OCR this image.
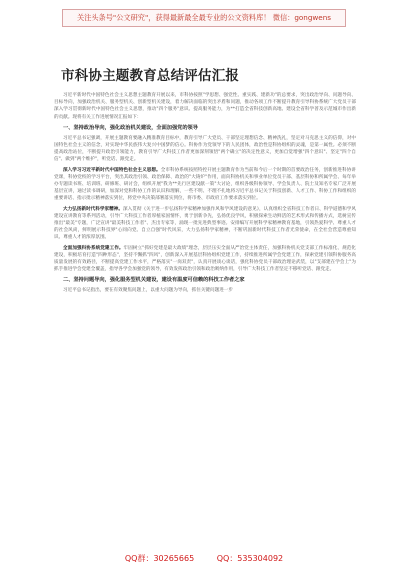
关注头条号"公文研究"，获得最新最全最专业的公文资料库！ 微信：gongwens
市科协主题教育总结评估汇报

习近平新时代中国特色社会主义思想主题教育开展以来，市科协按照"学思想、强党性、重实践、建新功"的总要求，突出政治导向、问题导向、目标导向，加强政治机关、服务型机关、创新型机关建设，着力解决面临的突出矛盾和问题，推动各项工作不断提升教育引导科协系统广大党员干部深入学习贯彻新时代中国特色社会主义思想，推动"四个服务"意识、提高服务能力，为**打造全省科技创新高地、建设全省科学普及示范城市作出新的贡献。现将有关工作进展情况汇报如下：

一、坚持政治导向，强化政治机关建设，全面加强党的领导

习近平总书记强调，开展主题教育要融入精准教育目标中，教育引导广大党员、干部坚定理想信念、精神洗礼，坚定对马克思主义的信仰，对中国特色社会主义的信念，对实现中华民族伟大复兴中国梦的信心。科协作为党领导下的人民团体，政治性是科协组织的灵魂，是第一属性。必须不断提高政治站位，不断提升政治引领能力，教育引导广大科技工作者更加深刻领悟"两个确立"的决定性意义，更加自觉增强"四个意识"、坚定"四个自信"、做到"两个维护"，听党话、跟党走。

深入学习习近平新时代中国特色社会主义思想。全市科协系统按照特控开展主题教育作为当前和今后一个时期的首要政治任务，创新推进科协讲党课，科协党校的学习平台，突出其政治引领、政治保障、政治的"大铸炉"作用，面向科协机关和事业单位党员干部、基层科协和所属学会、每年举办专题读书班、培训班、研修班、研讨会，组织开展"我为**先行区建设献一策"大讨论，组织各级科协领导、学会负责人、院士及知名专家广泛开展基层宣讲，通过读书调研，加深对党和科协工作的认识和理解，一些不明、不理不扎地将习近平总书记关于科技创新、人才工作、科协工作和组织的重要讲话、指示批示精神落实到位，将党中央决策部署落实到位，将市委、市政府工作要求落实到位。

大力弘扬新时代科学家精神。深入贯彻《关于进一步弘扬科学家精神加强作风和学风建设的意见》，认真组织全省科技工作者日、科学道德和学风建设宣讲教育等系列活动，引导广大科技工作者厚植家国情怀，勇于创新争先，弘扬优良学风，积极探索生动鲜活的艺术形式和传播方式，选树宣传推出"最美"专题，广泛宣讲"最美科技工作者"、杰出专家等，涌现一批先进典型事迹。安排编写开展科学家精神教育基地，引领热爱科学、尊重人才的社会风尚，鲜明展示科技界"心同向党、自立自强"时代风采，大力弘扬科学家精神，不断巩固新时代科技工作者光荣使命，在全社会营造尊重知识、尊重人才的浓厚氛围。

全面加强科协系统党建工作。牢固树立"抓好党建是最大政绩"理念，层层压实全面从严治党主体责任，加强科协机关党支部工作标准化、规范化建设，积极培育打造"四种形态"，坚持不懈抓"四风"，创新深入开展基层科协组织党建工作，持续推进所属学会党建工作，探索党建引领科协服务高质量发展的有效路径，不断提高党建工作水平，严格落实"一岗双责"，认真开展谈心谈话，强化科协党员干部政治理论武装，以"支部建在学会上"为抓手推进学会党建全覆盖，指导各学会加强党的领导，有效发挥政治引领和政治吸纳作用，引导广大科技工作者坚定不移听党话、跟党走。

二、坚持问题导向，强化服务型机关建设，建设有温度可信赖的科技工作者之家

习近平总书记指出，要在有效聚焦问题上，以重大问题为导向，抓住关键问题进一步

QQ群：30265665	QQ：535304092
